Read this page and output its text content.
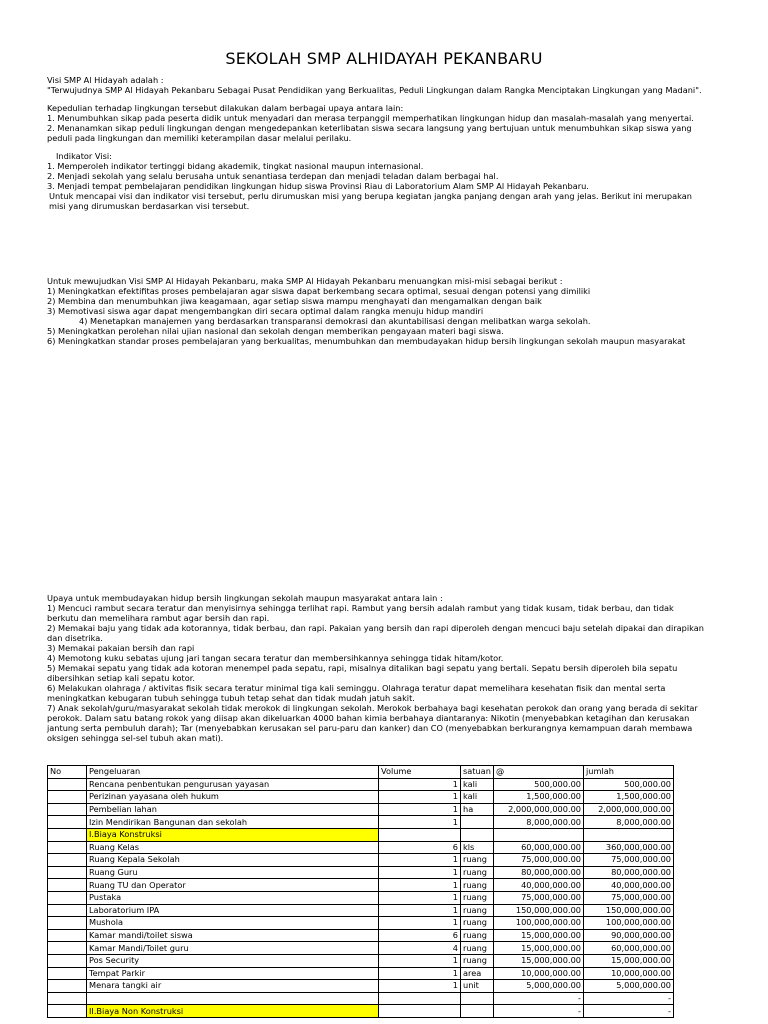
SEKOLAH SMP ALHIDAYAH PEKANBARU

Visi SMP Al Hidayah adalah :

"Terwujudnya SMP Al Hidayah Pekanbaru Sebagai Pusat Pendidikan yang Berkualitas, Peduli Lingkungan dalam Rangka Menciptakan Lingkungan yang Madani".

Kepedulian terhadap lingkungan tersebut dilakukan dalam berbagai upaya antara lain:

1. Menumbuhkan sikap pada peserta didik untuk menyadari dan merasa terpanggil memperhatikan lingkungan hidup dan masalah-masalah yang menyertai.

2. Menanamkan sikap peduli lingkungan dengan mengedepankan keterlibatan siswa secara langsung yang bertujuan untuk menumbuhkan sikap siswa yang peduli pada lingkungan dan memiliki keterampilan dasar melalui perilaku.

Indikator Visi:

1. Memperoleh indikator tertinggi bidang akademik, tingkat nasional maupun internasional.

2. Menjadi sekolah yang selalu berusaha untuk senantiasa terdepan dan menjadi teladan dalam berbagai hal.

3. Menjadi tempat pembelajaran pendidikan lingkungan hidup siswa Provinsi Riau di Laboratorium Alam SMP Al Hidayah Pekanbaru.

Untuk mencapai visi dan indikator visi tersebut, perlu dirumuskan misi yang berupa kegiatan jangka panjang dengan arah yang jelas. Berikut ini merupakan misi yang dirumuskan berdasarkan visi tersebut.

Untuk mewujudkan Visi SMP Al Hidayah Pekanbaru, maka SMP Al Hidayah Pekanbaru menuangkan misi-misi sebagai berikut :

1) Meningkatkan efektifitas proses pembelajaran agar siswa dapat berkembang secara optimal, sesuai dengan potensi yang dimiliki

2) Membina dan menumbuhkan jiwa keagamaan, agar setiap siswa mampu menghayati dan mengamalkan dengan baik

3) Memotivasi siswa agar dapat mengembangkan diri secara optimal dalam rangka menuju hidup mandiri

4) Menetapkan manajemen yang berdasarkan transparansi demokrasi dan akuntabilisasi dengan melibatkan warga sekolah.

5) Meningkatkan perolehan nilai ujian nasional dan sekolah dengan memberikan pengayaan materi bagi siswa.

6) Meningkatkan standar proses pembelajaran yang berkualitas, menumbuhkan dan membudayakan hidup bersih lingkungan sekolah maupun masyarakat

Upaya untuk membudayakan hidup bersih lingkungan sekolah maupun masyarakat antara lain :

1) Mencuci rambut secara teratur dan menyisirnya sehingga terlihat rapi. Rambut yang bersih adalah rambut yang tidak kusam, tidak berbau, dan tidak berkutu dan memelihara rambut agar bersih dan rapi.

2) Memakai baju yang tidak ada kotorannya, tidak berbau, dan rapi. Pakaian yang bersih dan rapi diperoleh dengan mencuci baju setelah dipakai dan dirapikan dan disetrika.

3) Memakai pakaian bersih dan rapi

4) Memotong kuku sebatas ujung jari tangan secara teratur dan membersihkannya sehingga tidak hitam/kotor.

5) Memakai sepatu yang tidak ada kotoran menempel pada sepatu, rapi, misalnya ditalikan bagi sepatu yang bertali. Sepatu bersih diperoleh bila sepatu dibersihkan setiap kali sepatu kotor.

6) Melakukan olahraga / aktivitas fisik secara teratur minimal tiga kali seminggu. Olahraga teratur dapat memelihara kesehatan fisik dan mental serta meningkatkan kebugaran tubuh sehingga tubuh tetap sehat dan tidak mudah jatuh sakit.

7) Anak sekolah/guru/masyarakat sekolah tidak merokok di lingkungan sekolah. Merokok berbahaya bagi kesehatan perokok dan orang yang berada di sekitar perokok. Dalam satu batang rokok yang diisap akan dikeluarkan 4000 bahan kimia berbahaya diantaranya: Nikotin (menyebabkan ketagihan dan kerusakan jantung serta pembuluh darah); Tar (menyebabkan kerusakan sel paru-paru dan kanker) dan CO (menyebabkan berkurangnya kemampuan darah membawa oksigen sehingga sel-sel tubuh akan mati).

No	Pengeluaran	Volume	satuan	@	jumlah
	Rencana penbentukan pengurusan yayasan	1	kali	500,000.00	500,000.00
	Perizinan yayasana oleh hukum	1	kali	1,500,000.00	1,500,000.00
	Pembelian lahan	1	ha	2,000,000,000.00	2,000,000,000.00
	Izin Mendirikan Bangunan dan sekolah	1		8,000,000.00	8,000,000.00
	I.Biaya Konstruksi				
	Ruang Kelas	6	kls	60,000,000.00	360,000,000.00
	Ruang Kepala Sekolah	1	ruang	75,000,000.00	75,000,000.00
	Ruang Guru	1	ruang	80,000,000.00	80,000,000.00
	Ruang TU dan Operator	1	ruang	40,000,000.00	40,000,000.00
	Pustaka	1	ruang	75,000,000.00	75,000,000.00
	Laboratorium IPA	1	ruang	150,000,000.00	150,000,000.00
	Mushola	1	ruang	100,000,000.00	100,000,000.00
	Kamar mandi/toilet siswa	6	ruang	15,000,000.00	90,000,000.00
	Kamar Mandi/Toilet guru	4	ruang	15,000,000.00	60,000,000.00
	Pos Security	1	ruang	15,000,000.00	15,000,000.00
	Tempat Parkir	1	area	10,000,000.00	10,000,000.00
	Menara tangki air	1	unit	5,000,000.00	5,000,000.00
				-	-
	II.Biaya Non Konstruksi			-	-
